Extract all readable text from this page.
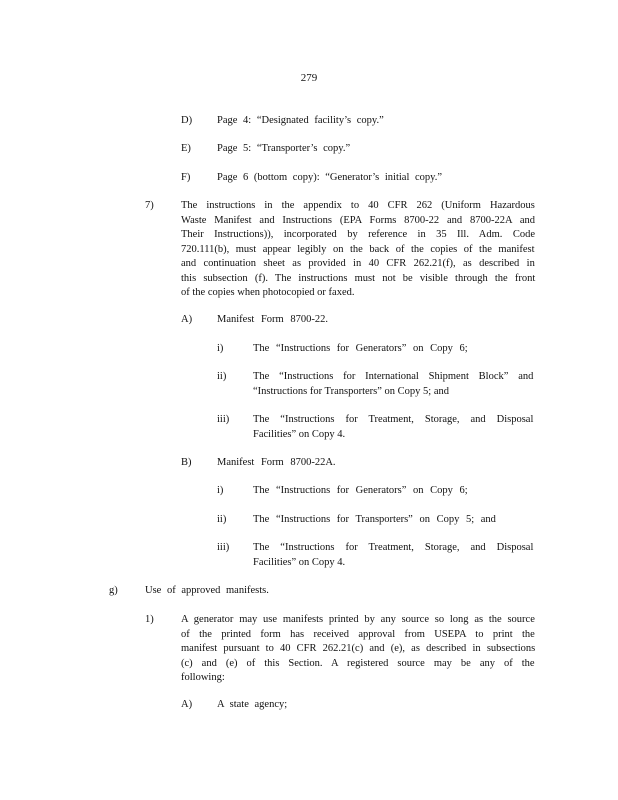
279
D) Page 4: “Designated facility’s copy.”
E) Page 5: “Transporter’s copy.”
F)	Page 6 (bottom copy): “Generator’s initial copy.”
7)	The instructions in the appendix to 40 CFR 262 (Uniform Hazardous
Waste Manifest and Instructions (EPA Forms 8700-22 and 8700-22A and
Their Instructions)), incorporated by reference in 35 Ill. Adm. Code
720.111(b), must appear legibly on the back of the copies of the manifest
and continuation sheet as provided in 40 CFR 262.21(f), as described in
this subsection (f). The instructions must not be visible through the front
of the copies when photocopied or faxed.
A) Manifest Form 8700-22.
i)	The “Instructions for Generators” on Copy 6;
ii)	The “Instructions for International Shipment Block” and
“Instructions for Transporters” on Copy 5; and
iii) The “Instructions for Treatment, Storage, and Disposal
Facilities” on Copy 4.
B) Manifest Form 8700-22A.
i)	The “Instructions for Generators” on Copy 6;
ii)	The “Instructions for Transporters” on Copy 5; and
iii) The “Instructions for Treatment, Storage, and Disposal
Facilities” on Copy 4.
g)	Use of approved manifests.
1)	A generator may use manifests printed by any source so long as the source
of the printed form has received approval from USEPA to print the
manifest pursuant to 40 CFR 262.21(c) and (e), as described in subsections
(c) and (e) of this Section. A registered source may be any of the
following:
A) A state agency;
